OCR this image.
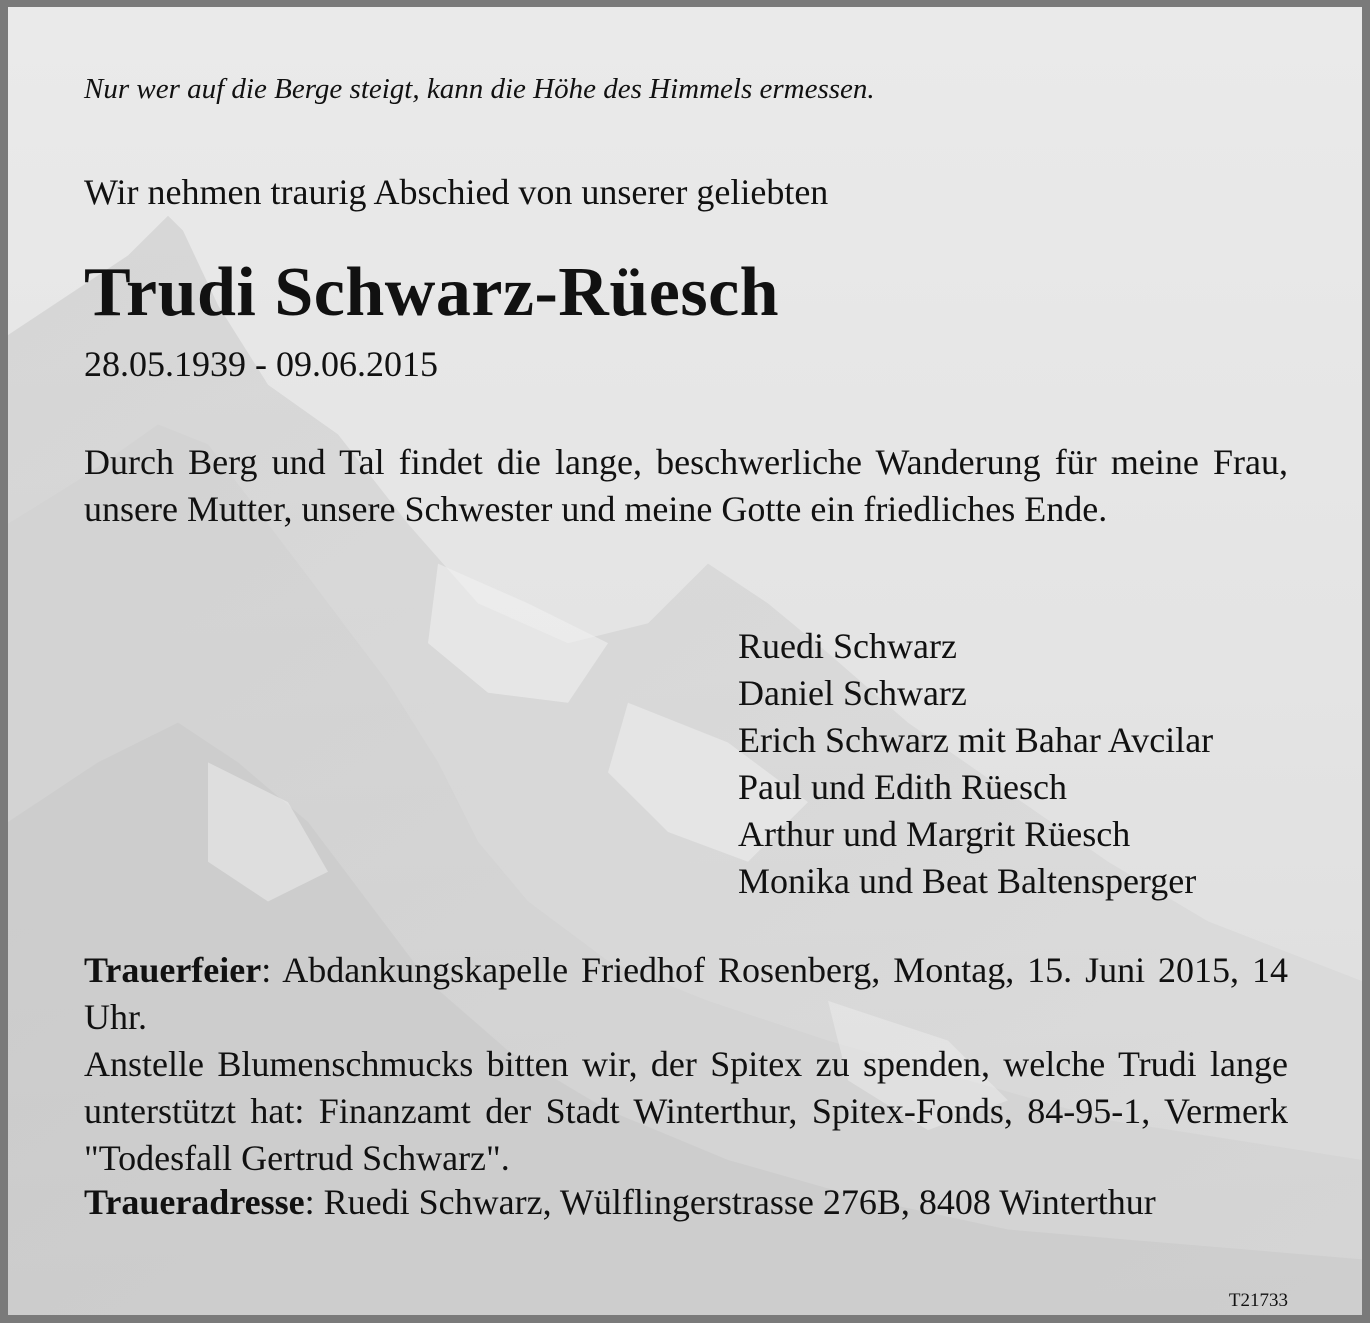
Nur wer auf die Berge steigt, kann die Höhe des Himmels ermessen.
Wir nehmen traurig Abschied von unserer geliebten
Trudi Schwarz-Rüesch
28.05.1939 - 09.06.2015
Durch Berg und Tal findet die lange, beschwerliche Wanderung für meine Frau, unsere Mutter, unsere Schwester und meine Gotte ein friedliches Ende.
Ruedi Schwarz
Daniel Schwarz
Erich Schwarz mit Bahar Avcilar
Paul und Edith Rüesch
Arthur und Margrit Rüesch
Monika und Beat Baltensperger
Trauerfeier: Abdankungskapelle Friedhof Rosenberg, Montag, 15. Juni 2015, 14 Uhr.
Anstelle Blumenschmucks bitten wir, der Spitex zu spenden, welche Trudi lange unterstützt hat: Finanzamt der Stadt Winterthur, Spitex-Fonds, 84-95-1, Vermerk "Todesfall Gertrud Schwarz".
Traueradresse: Ruedi Schwarz, Wülflingerstrasse 276B, 8408 Winterthur
T21733
